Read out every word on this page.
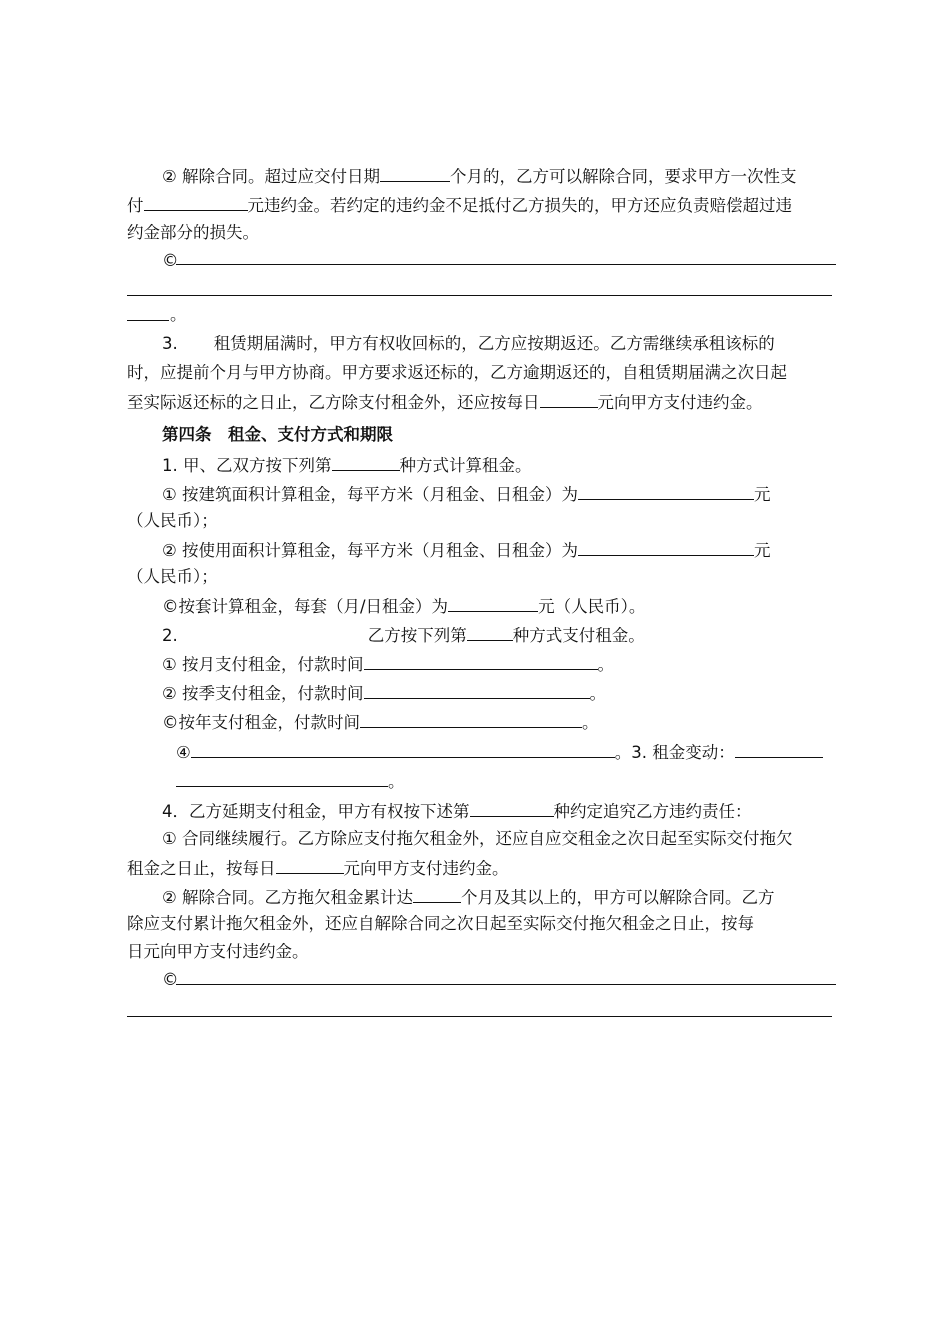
② 解除合同。超过应交付日期	个月的，乙方可以解除合同，要求甲方一次性支
付	元违约金。若约定的违约金不足抵付乙方损失的，甲方还应负责赔偿超过违
约金部分的损失。
©
。
3. 租赁期届满时，甲方有权收回标的，乙方应按期返还。乙方需继续承租该标的
时，应提前个月与甲方协商。甲方要求返还标的，乙方逾期返还的，自租赁期届满之次日起
至实际返还标的之日止，乙方除支付租金外，还应按每日	元向甲方支付违约金。
第四条　租金、支付方式和期限
1. 甲、乙双方按下列第	种方式计算租金。
① 按建筑面积计算租金，每平方米（月租金、日租金）为	元
（人民币）；
② 按使用面积计算租金，每平方米（月租金、日租金）为	元
（人民币）；
©按套计算租金，每套（月/日租金）为	元（人民币）。
2.	乙方按下列第	种方式支付租金。
① 按月支付租金，付款时间	。
② 按季支付租金，付款时间	。
©按年支付租金，付款时间	。
④	。3. 租金变动：
。
4．乙方延期支付租金，甲方有权按下述第	种约定追究乙方违约责任：
① 合同继续履行。乙方除应支付拖欠租金外，还应自应交租金之次日起至实际交付拖欠
租金之日止，按每日	元向甲方支付违约金。
② 解除合同。乙方拖欠租金累计达	个月及其以上的，甲方可以解除合同。乙方
除应支付累计拖欠租金外，还应自解除合同之次日起至实际交付拖欠租金之日止，按每
日元向甲方支付违约金。
©
